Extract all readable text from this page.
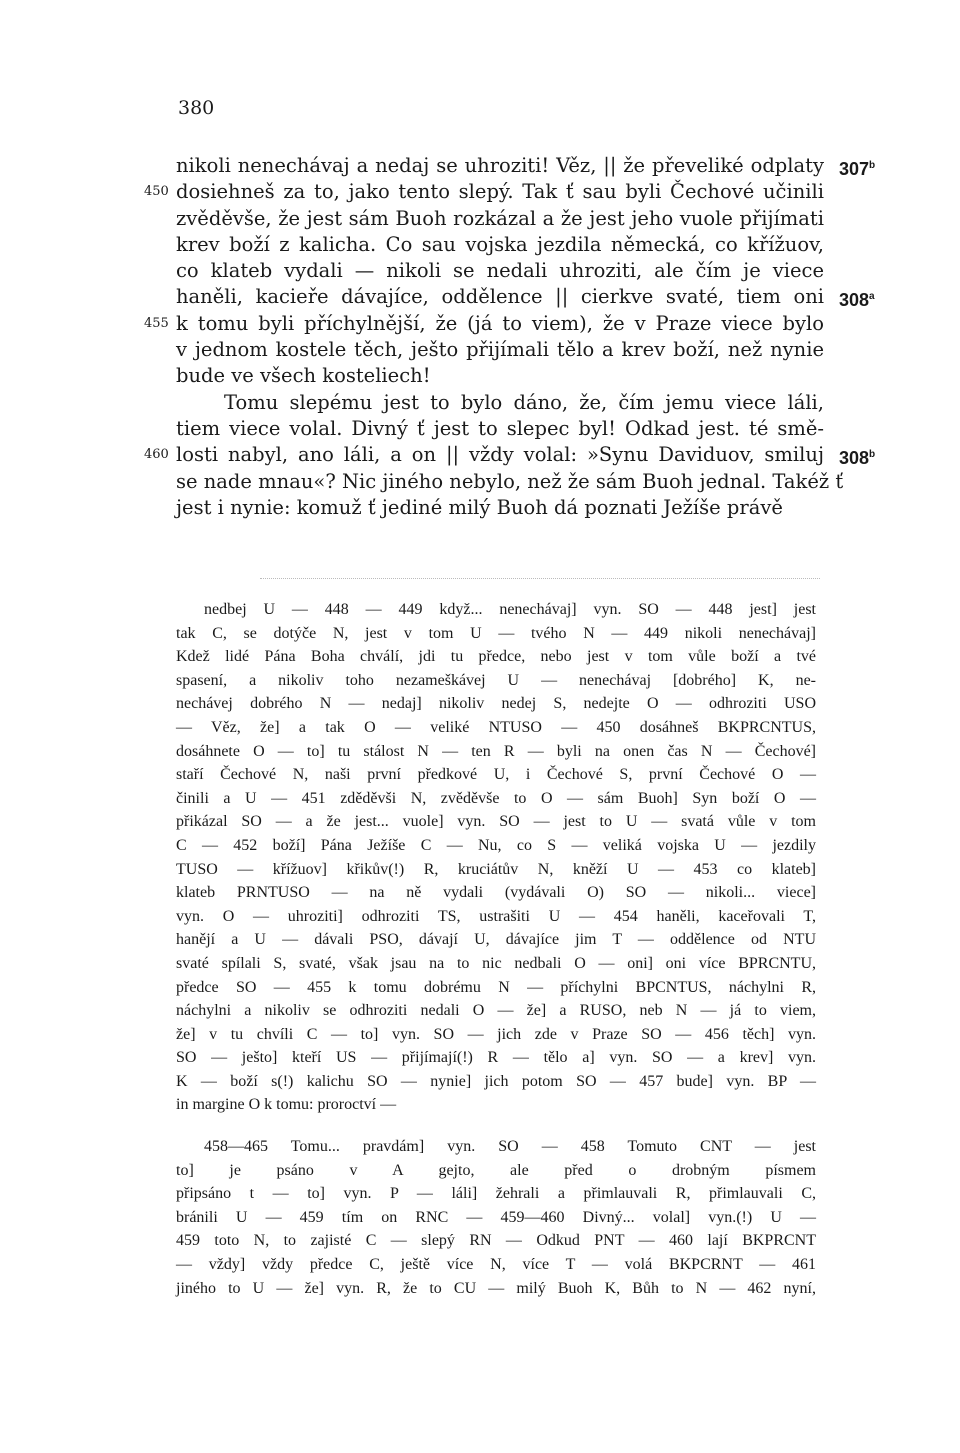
380
nikoli nenechávaj a nedaj se uhroziti! Věz, || že převeliké odplaty 307$^b$
450 dosiehneš za to, jako tento slepý. Tak ť sau byli Čechové učinili
zvěděvše, že jest sám Buoh rozkázal a že jest jeho vuole přijímati
krev boží z kalicha. Co sau vojska jezdila německá, co křížuov,
co klateb vydali — nikoli se nedali uhroziti, ale čím je viece
haněli, kacieře dávajíce, oddělence || cierkve svaté, tiem oni 308$^a$
455 k tomu byli příchylnější, že (já to viem), že v Praze viece bylo
v jednom kostele těch, ješto přijímali tělo a krev boží, než nynie
bude ve všech kosteliech!
Tomu slepému jest to bylo dáno, že, čím jemu viece láli,
tiem viece volal. Divný ť jest to slepec byl! Odkad jest. té smě-
460 losti nabyl, ano láli, a on || vždy volal: »Synu Daviduov, smiluj 308$^b$
se nade mnau«? Nic jiného nebylo, než že sám Buoh jednal. Takéž ť
jest i nynie: komuž ť jediné milý Buoh dá poznati Ježíše právě
nedbej U — 448 — 449 když... nenechávaj] vyn. SO — 448 jest] jest
tak C, se dotýče N, jest v tom U — tvého N — 449 nikoli nenechávaj]
Kdež lidé Pána Boha chválí, jdi tu předce, nebo jest v tom vůle boží a tvé
spasení, a nikoliv toho nezameškávej U — nenechávaj [dobrého] K, ne-
nechávej dobrého N — nedaj] nikoliv nedej S, nedejte O — odhroziti USO
— Věz, že] a tak O — veliké NTUSO — 450 dosáhneš BKPRCNTUS,
dosáhnete O — to] tu stálost N — ten R — byli na onen čas N — Čechové]
staří Čechové N, naši první předkové U, i Čechové S, první Čechové O —
činili a U — 451 zděděvši N, zvěděvše to O — sám Buoh] Syn boží O —
přikázal SO — a že jest... vuole] vyn. SO — jest to U — svatá vůle v tom
C — 452 boží] Pána Ježíše C — Nu, co S — veliká vojska U — jezdily
TUSO — křížuov] křikův(!) R, kruciátův N, kněží U — 453 co klateb]
klateb PRNTUSO — na ně vydali (vydávali O) SO — nikoli... viece]
vyn. O — uhroziti] odhroziti TS, ustrašiti U — 454 haněli, kaceřovali T,
hanějí a U — dávali PSO, dávají U, dávajíce jim T — oddělence od NTU
svaté spílali S, svaté, však jsau na to nic nedbali O — oni] oni více BPRCNTU,
předce SO — 455 k tomu dobrému N — příchylni BPCNTUS, náchylni R,
náchylni a nikoliv se odhroziti nedali O — že] a RUSO, neb N — já to viem,
že] v tu chvíli C — to] vyn. SO — jich zde v Praze SO — 456 těch] vyn.
SO — ješto] kteří US — přijímají(!) R — tělo a] vyn. SO — a krev] vyn.
K — boží s(!) kalichu SO — nynie] jich potom SO — 457 bude] vyn. BP —
in margine O k tomu: proroctví —
458—465 Tomu... pravdám] vyn. SO — 458 Tomuto CNT — jest
to] je psáno v A gejto, ale před o drobným písmem
připsáno t — to] vyn. P — láli] žehrali a přimlauvali R, přimlauvali C,
bránili U — 459 tím on RNC — 459—460 Divný... volal] vyn.(!) U —
459 toto N, to zajisté C — slepý RN — Odkud PNT — 460 lají BKPRCNT
— vždy] vždy předce C, ještě více N, více T — volá BKPCRNT — 461
jiného to U — že] vyn. R, že to CU — milý Buoh K, Bůh to N — 462 nyní,
